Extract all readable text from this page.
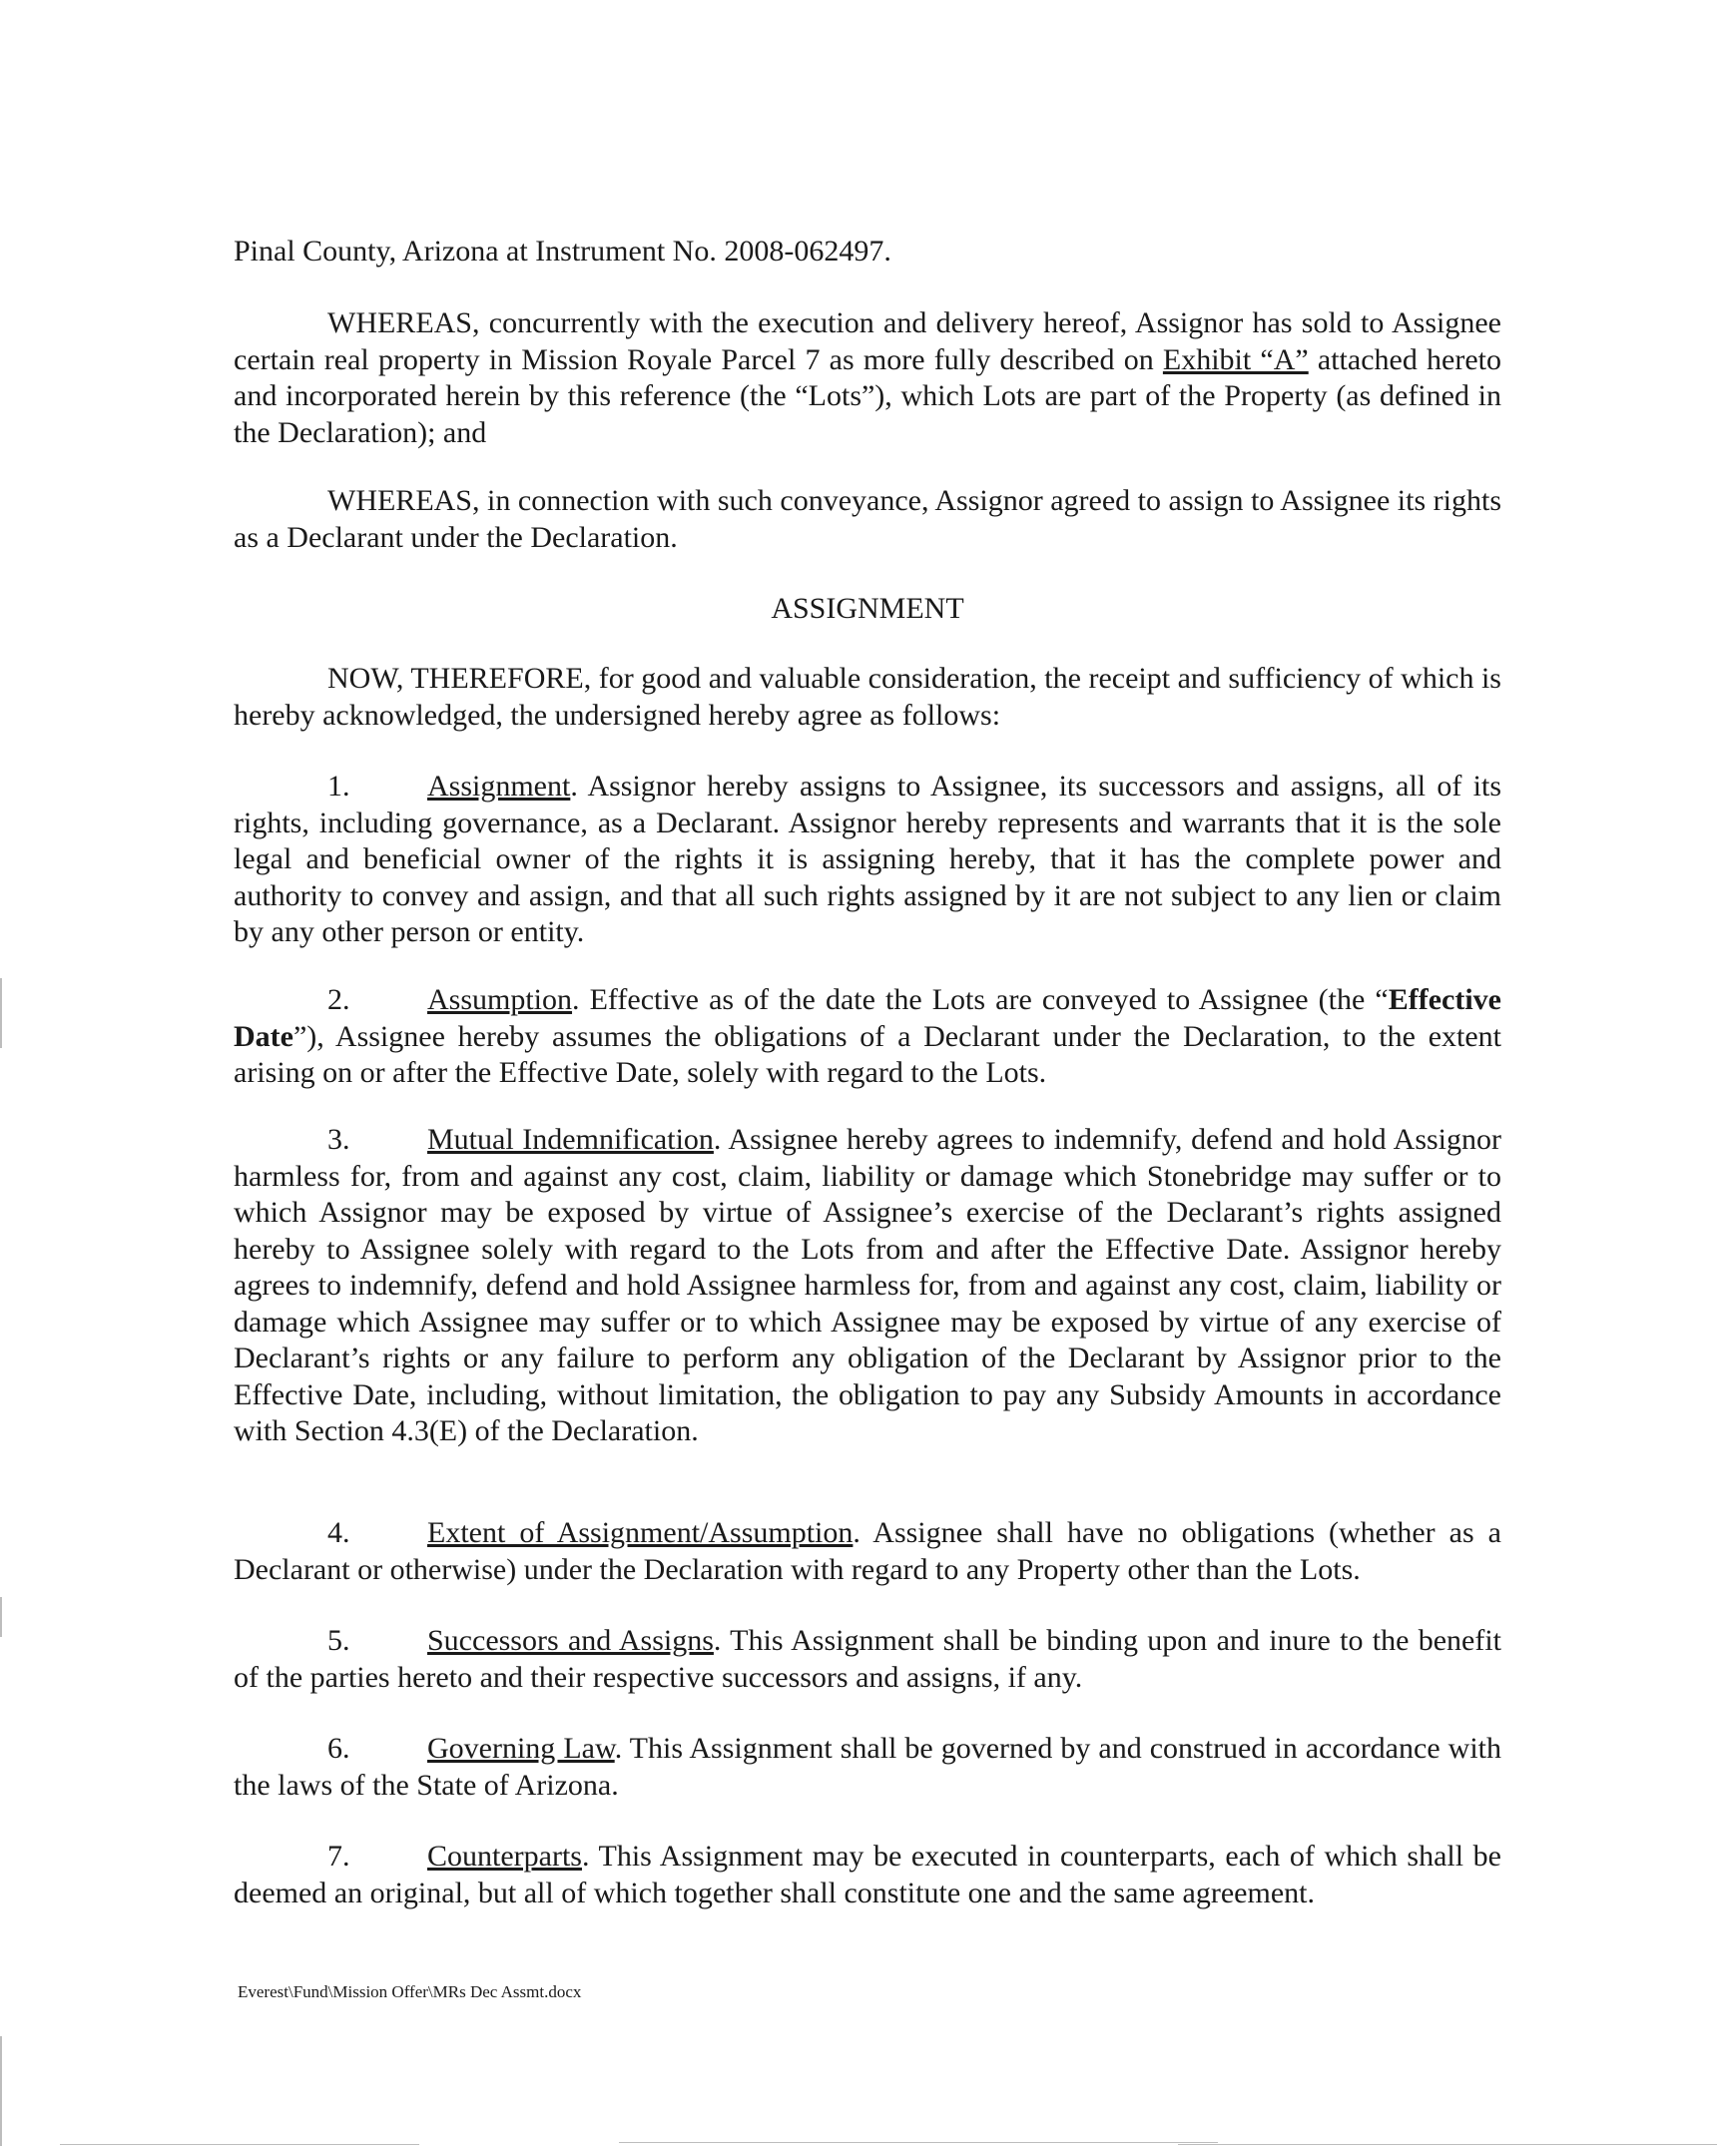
Pinal County, Arizona at Instrument No. 2008-062497.

WHEREAS, concurrently with the execution and delivery hereof, Assignor has sold to Assignee certain real property in Mission Royale Parcel 7 as more fully described on Exhibit “A” attached hereto and incorporated herein by this reference (the “Lots”), which Lots are part of the Property (as defined in the Declaration); and

WHEREAS, in connection with such conveyance, Assignor agreed to assign to Assignee its rights as a Declarant under the Declaration.

ASSIGNMENT

NOW, THEREFORE, for good and valuable consideration, the receipt and sufficiency of which is hereby acknowledged, the undersigned hereby agree as follows:

1.	Assignment. Assignor hereby assigns to Assignee, its successors and assigns, all of its rights, including governance, as a Declarant. Assignor hereby represents and warrants that it is the sole legal and beneficial owner of the rights it is assigning hereby, that it has the complete power and authority to convey and assign, and that all such rights assigned by it are not subject to any lien or claim by any other person or entity.

2.	Assumption. Effective as of the date the Lots are conveyed to Assignee (the “Effective Date”), Assignee hereby assumes the obligations of a Declarant under the Declaration, to the extent arising on or after the Effective Date, solely with regard to the Lots.

3.	Mutual Indemnification. Assignee hereby agrees to indemnify, defend and hold Assignor harmless for, from and against any cost, claim, liability or damage which Stonebridge may suffer or to which Assignor may be exposed by virtue of Assignee’s exercise of the Declarant’s rights assigned hereby to Assignee solely with regard to the Lots from and after the Effective Date. Assignor hereby agrees to indemnify, defend and hold Assignee harmless for, from and against any cost, claim, liability or damage which Assignee may suffer or to which Assignee may be exposed by virtue of any exercise of Declarant’s rights or any failure to perform any obligation of the Declarant by Assignor prior to the Effective Date, including, without limitation, the obligation to pay any Subsidy Amounts in accordance with Section 4.3(E) of the Declaration.

4.	Extent of Assignment/Assumption. Assignee shall have no obligations (whether as a Declarant or otherwise) under the Declaration with regard to any Property other than the Lots.

5.	Successors and Assigns. This Assignment shall be binding upon and inure to the benefit of the parties hereto and their respective successors and assigns, if any.

6.	Governing Law. This Assignment shall be governed by and construed in accordance with the laws of the State of Arizona.

7.	Counterparts. This Assignment may be executed in counterparts, each of which shall be deemed an original, but all of which together shall constitute one and the same agreement.

Everest\Fund\Mission Offer\MRs Dec Assmt.docx
